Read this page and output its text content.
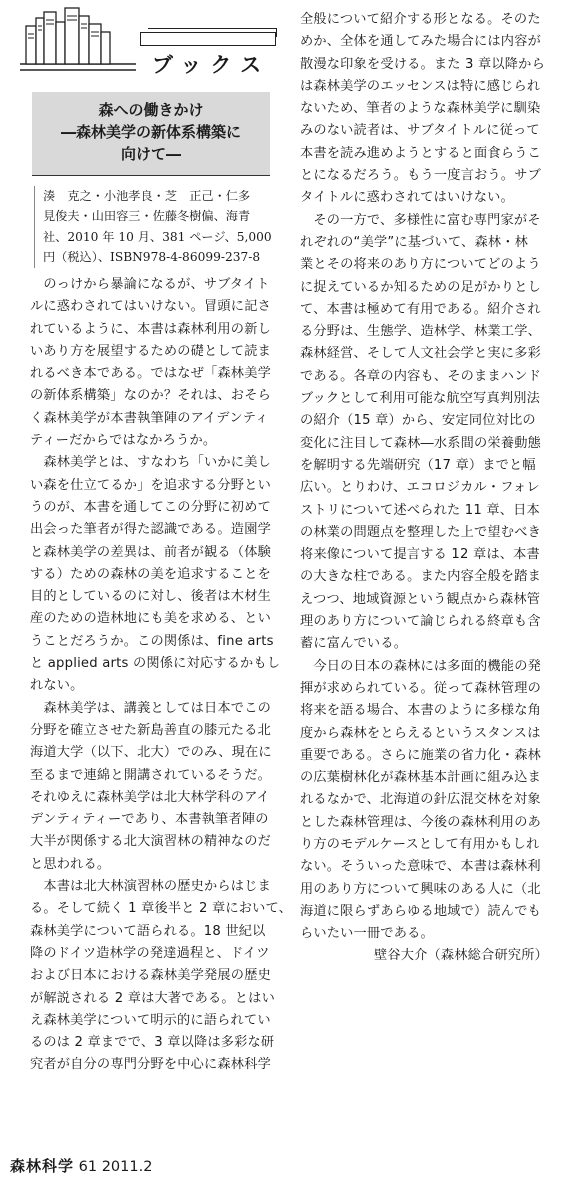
ブックス
森への働きかけ
―森林美学の新体系構築に
向けて―
湊　克之・小池孝良・芝　正己・仁多
見俊夫・山田容三・佐藤冬樹偏、海青
社、2010 年 10 月、381 ページ、5,000
円（税込）、ISBN978-4-86099-237-8
　のっけから暴論になるが、サブタイト
ルに惑わされてはいけない。冒頭に記さ
れているように、本書は森林利用の新し
いあり方を展望するための礎として読ま
れるべき本である。ではなぜ「森林美学
の新体系構築」なのか？それは、おそら
く森林美学が本書執筆陣のアイデンティ
ティーだからではなかろうか。
　森林美学とは、すなわち「いかに美し
い森を仕立てるか」を追求する分野とい
うのが、本書を通してこの分野に初めて
出会った筆者が得た認識である。造園学
と森林美学の差異は、前者が観る（体験
する）ための森林の美を追求することを
目的としているのに対し、後者は木材生
産のための造林地にも美を求める、とい
うことだろうか。この関係は、fine arts
と applied arts の関係に対応するかもし
れない。
　森林美学は、講義としては日本でこの
分野を確立させた新島善直の膝元たる北
海道大学（以下、北大）でのみ、現在に
至るまで連綿と開講されているそうだ。
それゆえに森林美学は北大林学科のアイ
デンティティーであり、本書執筆者陣の
大半が関係する北大演習林の精神なのだ
と思われる。
　本書は北大林演習林の歴史からはじま
る。そして続く 1 章後半と 2 章において、
森林美学について語られる。18 世紀以
降のドイツ造林学の発達過程と、ドイツ
および日本における森林美学発展の歴史
が解説される 2 章は大著である。とはい
え森林美学について明示的に語られてい
るのは 2 章までで、3 章以降は多彩な研
究者が自分の専門分野を中心に森林科学
全般について紹介する形となる。そのた
めか、全体を通してみた場合には内容が
散漫な印象を受ける。また 3 章以降から
は森林美学のエッセンスは特に感じられ
ないため、筆者のような森林美学に馴染
みのない読者は、サブタイトルに従って
本書を読み進めようとすると面食らうこ
とになるだろう。もう一度言おう。サブ
タイトルに惑わされてはいけない。
　その一方で、多様性に富む専門家がそ
れぞれの“美学”に基づいて、森林・林
業とその将来のあり方についてどのよう
に捉えているか知るための足がかりとし
て、本書は極めて有用である。紹介され
る分野は、生態学、造林学、林業工学、
森林経営、そして人文社会学と実に多彩
である。各章の内容も、そのままハンド
ブックとして利用可能な航空写真判別法
の紹介（15 章）から、安定同位対比の
変化に注目して森林―水系間の栄養動態
を解明する先端研究（17 章）までと幅
広い。とりわけ、エコロジカル・フォレ
ストリについて述べられた 11 章、日本
の林業の問題点を整理した上で望むべき
将来像について提言する 12 章は、本書
の大きな柱である。また内容全般を踏ま
えつつ、地域資源という観点から森林管
理のあり方について論じられる終章も含
蓄に富んでいる。
　今日の日本の森林には多面的機能の発
揮が求められている。従って森林管理の
将来を語る場合、本書のように多様な角
度から森林をとらえるというスタンスは
重要である。さらに施業の省力化・森林
の広葉樹林化が森林基本計画に組み込ま
れるなかで、北海道の針広混交林を対象
とした森林管理は、今後の森林利用のあ
り方のモデルケースとして有用かもしれ
ない。そういった意味で、本書は森林利
用のあり方について興味のある人に（北
海道に限らずあらゆる地域で）読んでも
らいたい一冊である。
壁谷大介（森林総合研究所）
森林科学 61 2011.2
